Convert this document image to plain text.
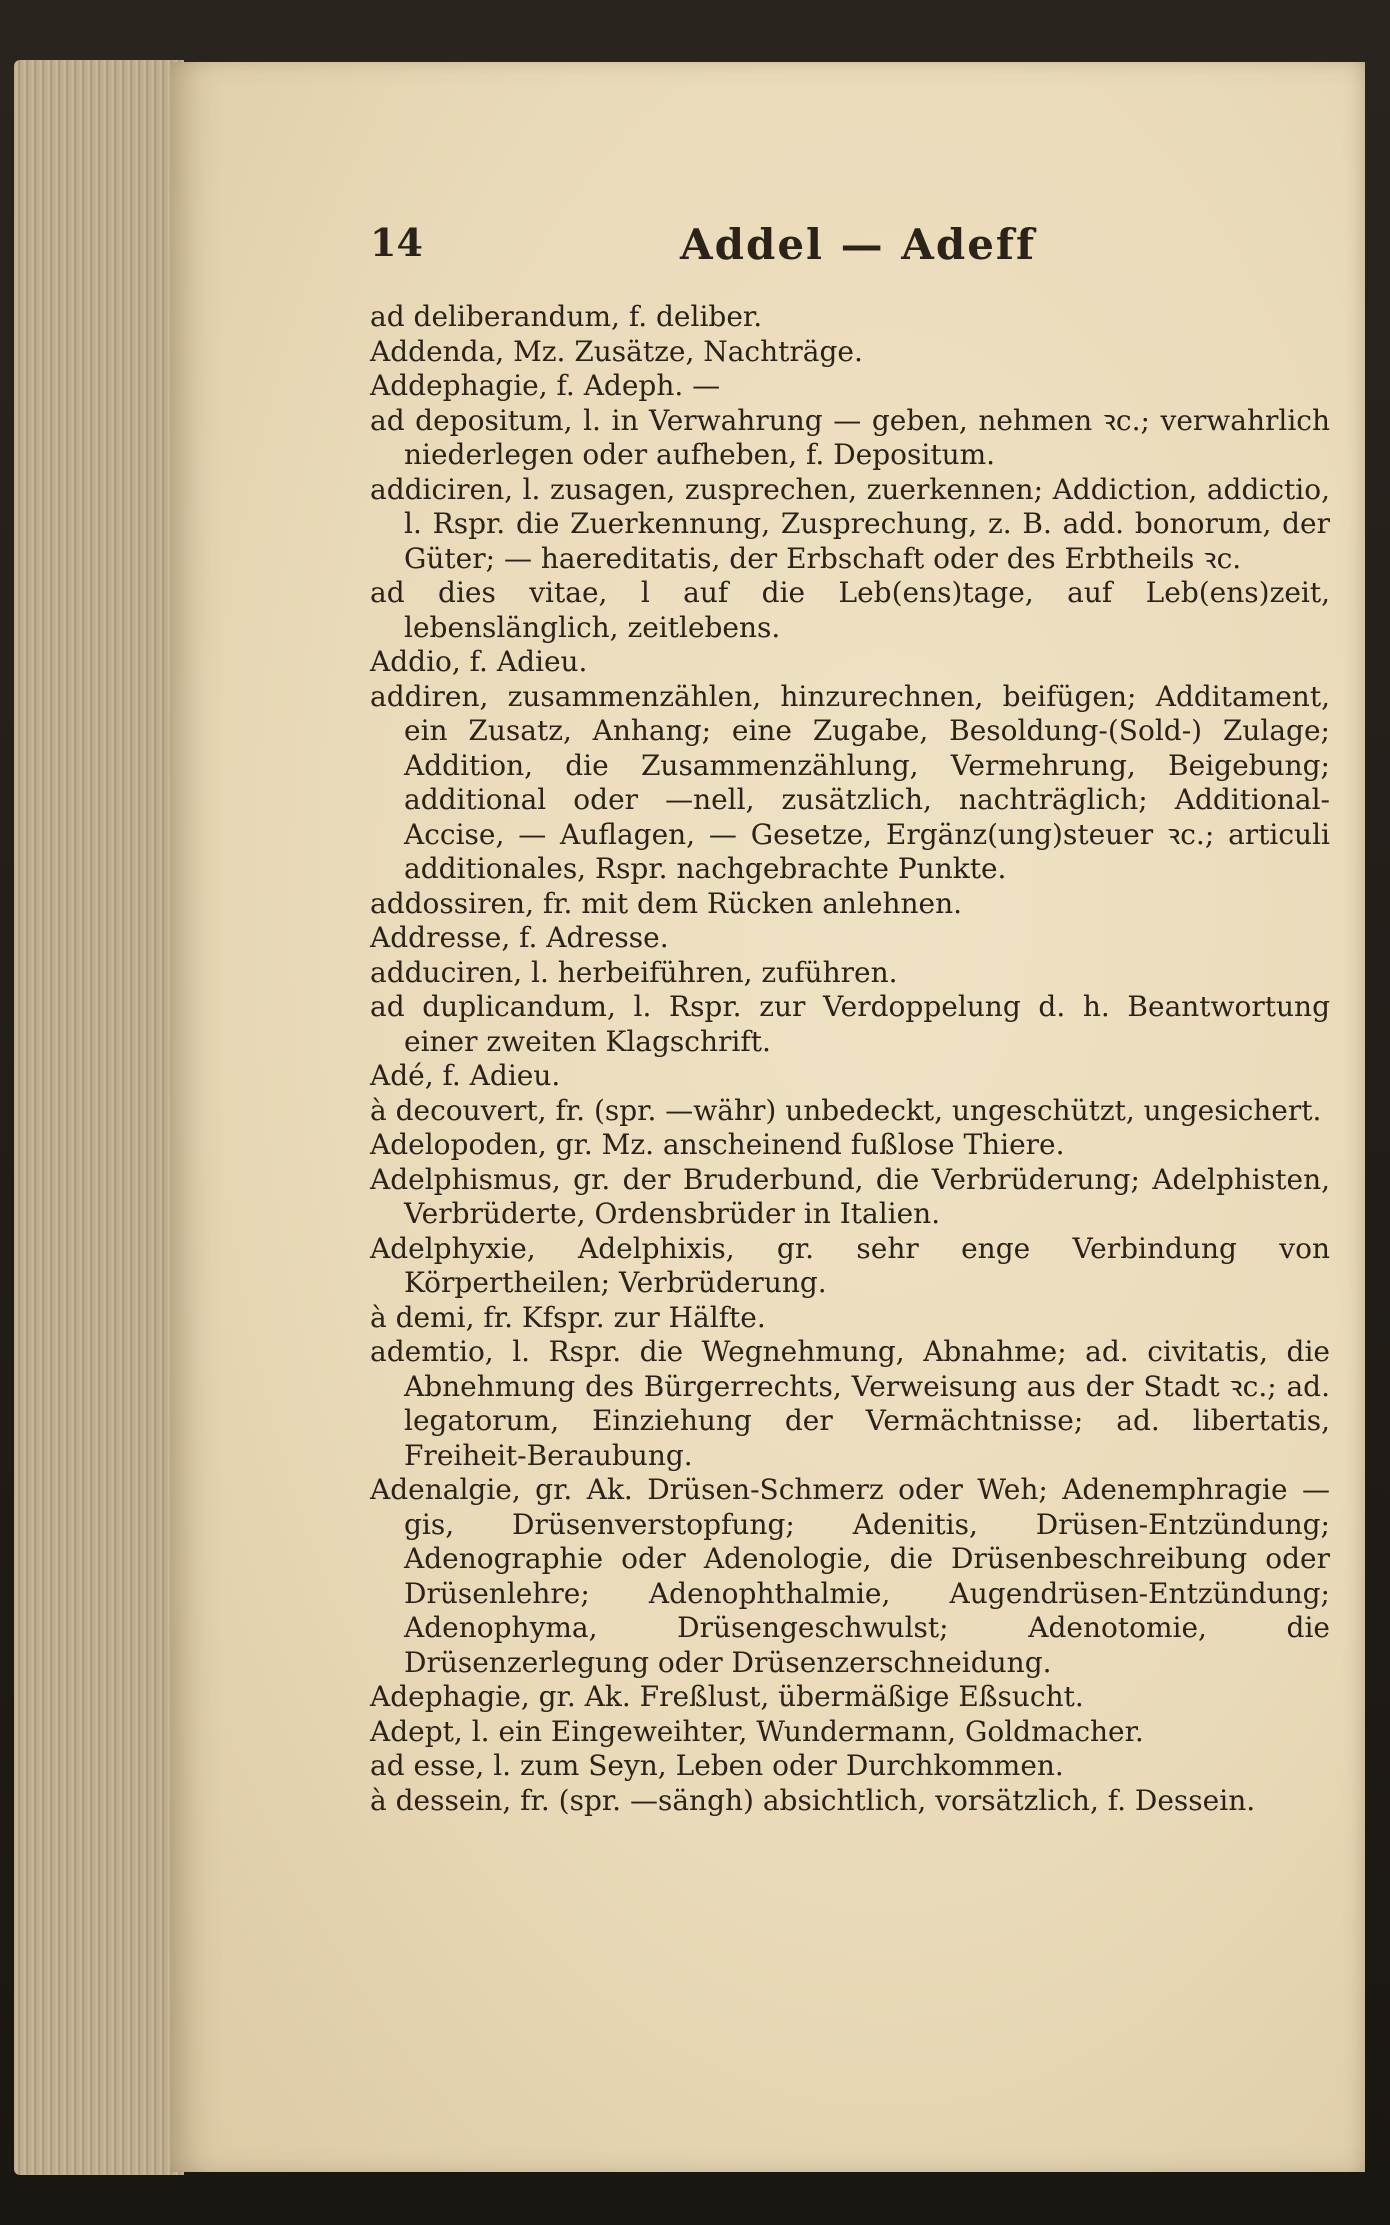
14	Addel — Adeff

ad deliberandum, f. deliber.

Addenda, Mz. Zusätze, Nachträge.

Addephagie, f. Adeph. —

ad depositum, l. in Verwahrung — geben, nehmen ꝛc.; verwahrlich niederlegen oder aufheben, f. Depositum.

addiciren, l. zusagen, zusprechen, zuerkennen; Addiction, addictio, l. Rspr. die Zuerkennung, Zusprechung, z. B. add. bonorum, der Güter; — haereditatis, der Erbschaft oder des Erbtheils ꝛc.

ad dies vitae, l auf die Leb(ens)tage, auf Leb(ens)zeit, lebenslänglich, zeitlebens.

Addio, f. Adieu.

addiren, zusammenzählen, hinzurechnen, beifügen; Additament, ein Zusatz, Anhang; eine Zugabe, Besoldung-(Sold-) Zulage; Addition, die Zusammenzählung, Vermehrung, Beigebung; additional oder —nell, zusätzlich, nachträglich; Additional-Accise, — Auflagen, — Gesetze, Ergänz(ung)steuer ꝛc.; articuli additionales, Rspr. nachgebrachte Punkte.

addossiren, fr. mit dem Rücken anlehnen.

Addresse, f. Adresse.

adduciren, l. herbeiführen, zuführen.

ad duplicandum, l. Rspr. zur Verdoppelung d. h. Beantwortung einer zweiten Klagschrift.

Adé, f. Adieu.

à decouvert, fr. (spr. —währ) unbedeckt, ungeschützt, ungesichert.

Adelopoden, gr. Mz. anscheinend fußlose Thiere.

Adelphismus, gr. der Bruderbund, die Verbrüderung; Adelphisten, Verbrüderte, Ordensbrüder in Italien.

Adelphyxie, Adelphixis, gr. sehr enge Verbindung von Körpertheilen; Verbrüderung.

à demi, fr. Kfspr. zur Hälfte.

ademtio, l. Rspr. die Wegnehmung, Abnahme; ad. civitatis, die Abnehmung des Bürgerrechts, Verweisung aus der Stadt ꝛc.; ad. legatorum, Einziehung der Vermächtnisse; ad. libertatis, Freiheit-Beraubung.

Adenalgie, gr. Ak. Drüsen-Schmerz oder Weh; Adenemphragie —gis, Drüsenverstopfung; Adenitis, Drüsen-Entzündung; Adenographie oder Adenologie, die Drüsenbeschreibung oder Drüsenlehre; Adenophthalmie, Augendrüsen-Entzündung; Adenophyma, Drüsengeschwulst; Adenotomie, die Drüsenzerlegung oder Drüsenzerschneidung.

Adephagie, gr. Ak. Freßlust, übermäßige Eßsucht.

Adept, l. ein Eingeweihter, Wundermann, Goldmacher.

ad esse, l. zum Seyn, Leben oder Durchkommen.

à dessein, fr. (spr. —sängh) absichtlich, vorsätzlich, f. Dessein.
